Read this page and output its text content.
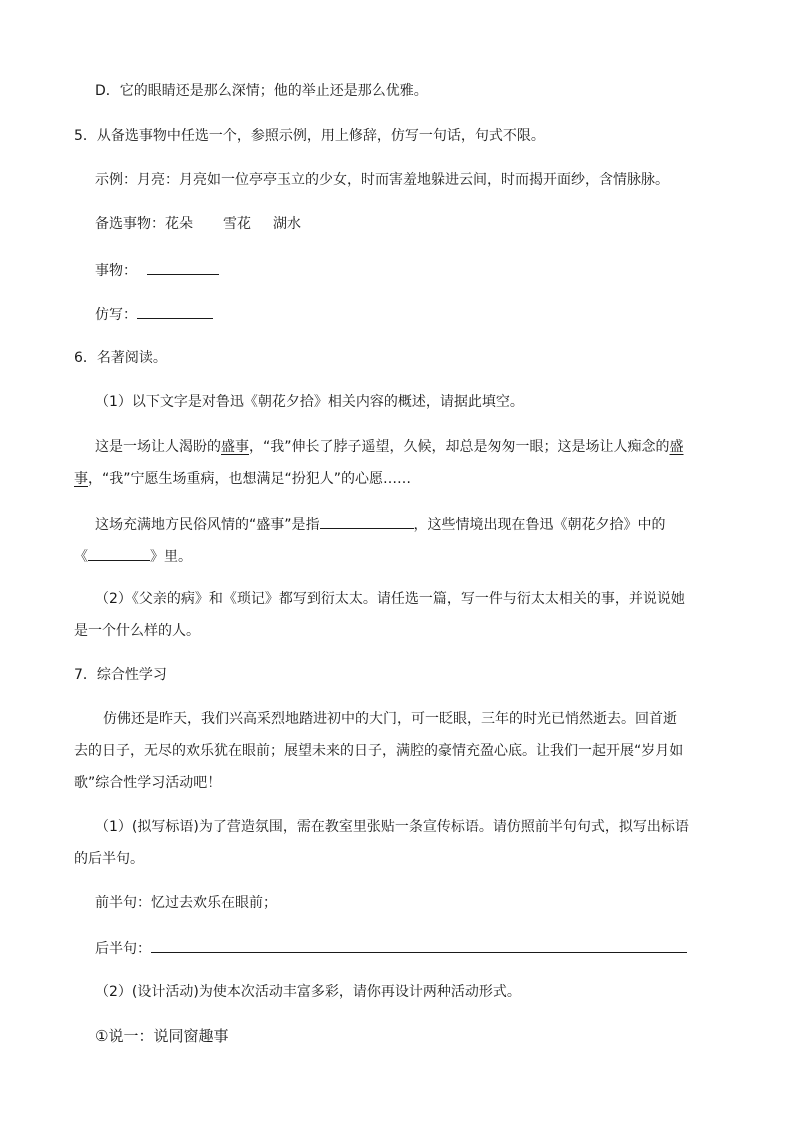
D．它的眼睛还是那么深情；他的举止还是那么优雅。
5．从备选事物中任选一个，参照示例，用上修辞，仿写一句话，句式不限。
示例：月亮：月亮如一位亭亭玉立的少女，时而害羞地躲进云间，时而揭开面纱，含情脉脉。
备选事物：花朵 雪花 湖水
事物：
仿写：
6．名著阅读。
（1）以下文字是对鲁迅《朝花夕拾》相关内容的概述，请据此填空。
这是一场让人渴盼的盛事，“我”伸长了脖子遥望，久候，却总是匆匆一眼；这是场让人痴念的盛
事，“我”宁愿生场重病，也想满足“扮犯人”的心愿……
这场充满地方民俗风情的“盛事”是指	，这些情境出现在鲁迅《朝花夕拾》中的
《	》里。
（2）《父亲的病》和《琐记》都写到衍太太。请任选一篇，写一件与衍太太相关的事，并说说她
是一个什么样的人。
7．综合性学习
仿佛还是昨天，我们兴高采烈地踏进初中的大门，可一眨眼，三年的时光已悄然逝去。回首逝
去的日子，无尽的欢乐犹在眼前；展望未来的日子，满腔的豪情充盈心底。让我们一起开展“岁月如
歌”综合性学习活动吧！
（1）(拟写标语)为了营造氛围，需在教室里张贴一条宣传标语。请仿照前半句句式，拟写出标语
的后半句。
前半句：忆过去欢乐在眼前；
后半句：
（2）(设计活动)为使本次活动丰富多彩，请你再设计两种活动形式。
①说一：说同窗趣事
